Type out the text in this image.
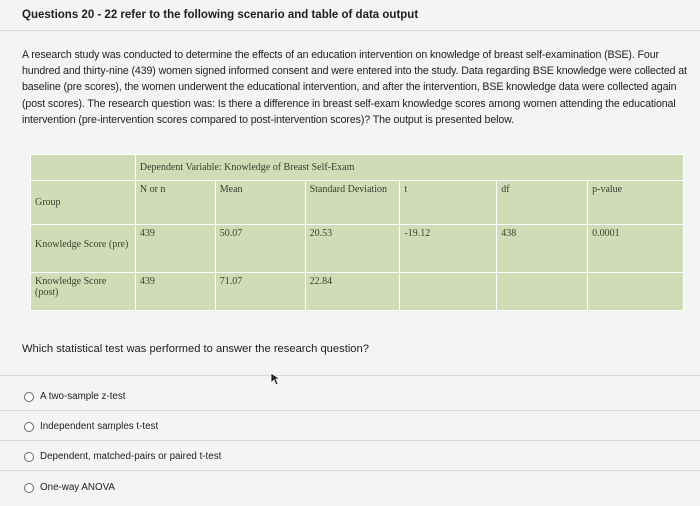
Questions 20 - 22 refer to the following scenario and table of data output
A research study was conducted to determine the effects of an education intervention on knowledge of breast self-examination (BSE). Four hundred and thirty-nine (439) women signed informed consent and were entered into the study. Data regarding BSE knowledge were collected at baseline (pre scores), the women underwent the educational intervention, and after the intervention, BSE knowledge data were collected again (post scores). The research question was: Is there a difference in breast self-exam knowledge scores among women attending the educational intervention (pre-intervention scores compared to post-intervention scores)? The output is presented below.
	Dependent Variable: Knowledge of Breast Self-Exam					
Group	N or n	Mean	Standard Deviation	t	df	p-value
Knowledge Score (pre)	439	50.07	20.53	-19.12	438	0.0001
Knowledge Score (post)	439	71.07	22.84			
Which statistical test was performed to answer the research question?
A two-sample z-test
Independent samples t-test
Dependent, matched-pairs or paired t-test
One-way ANOVA
